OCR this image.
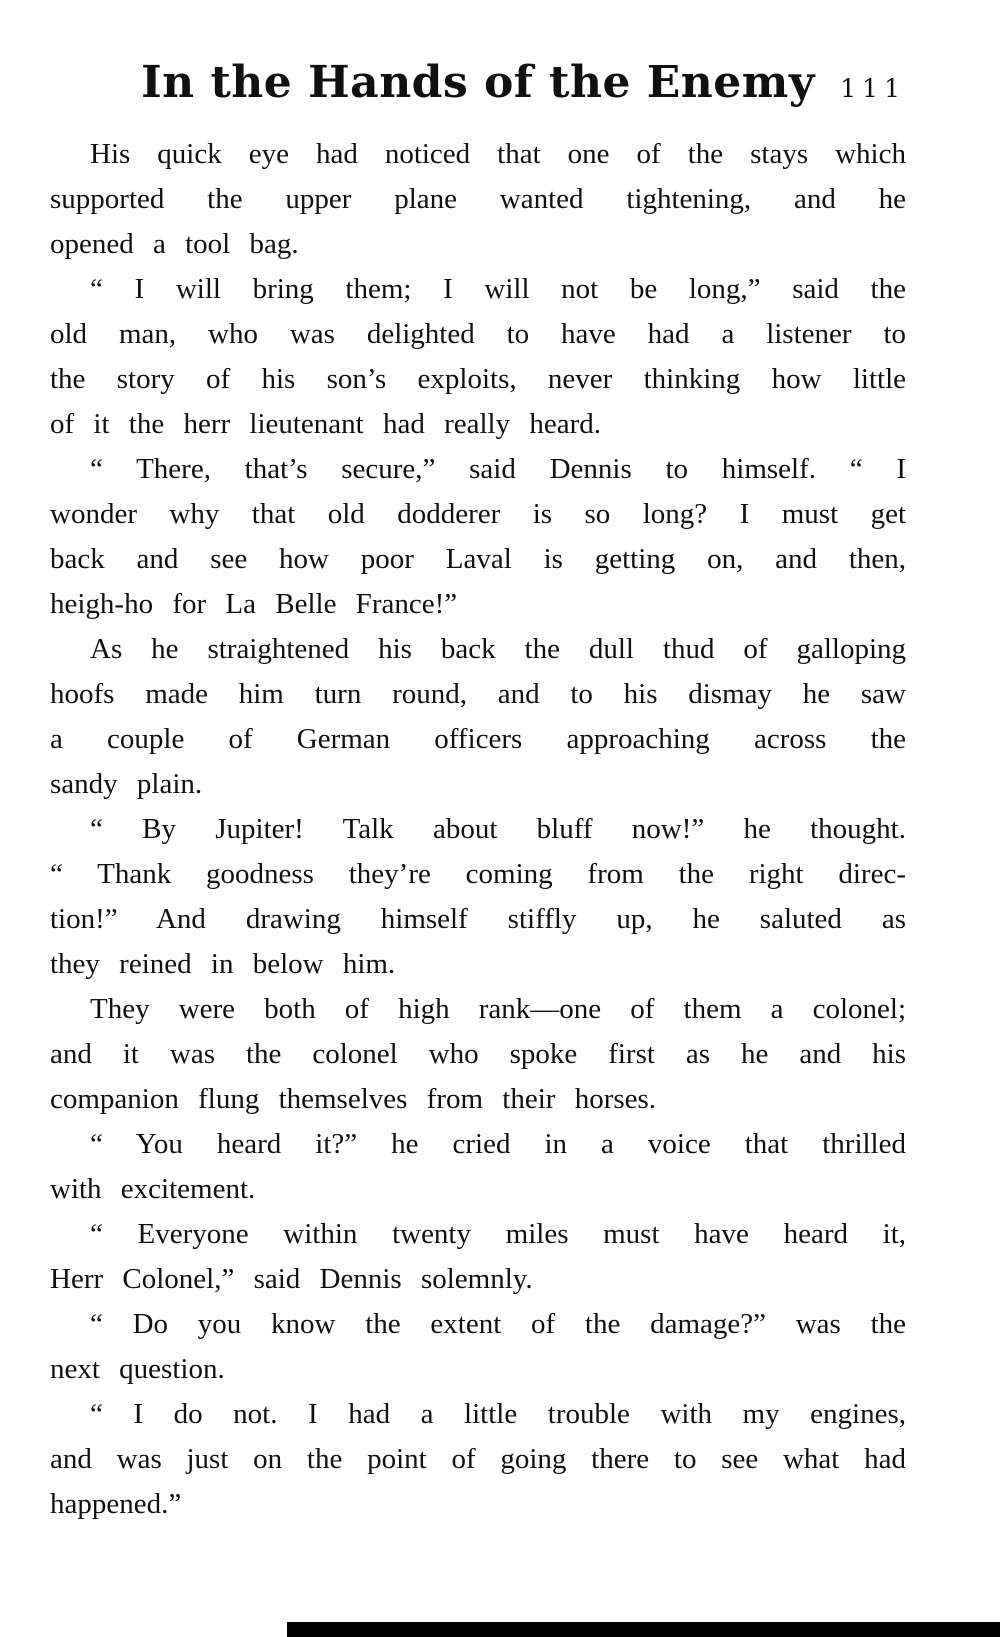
In the Hands of the Enemy	111

His quick eye had noticed that one of the stays which
supported the upper plane wanted tightening, and he
opened a tool bag.

“ I will bring them; I will not be long,” said the
old man, who was delighted to have had a listener to
the story of his son’s exploits, never thinking how little
of it the herr lieutenant had really heard.

“ There, that’s secure,” said Dennis to himself. “ I
wonder why that old dodderer is so long? I must get
back and see how poor Laval is getting on, and then,
heigh-ho for La Belle France!”

As he straightened his back the dull thud of galloping
hoofs made him turn round, and to his dismay he saw
a couple of German officers approaching across the
sandy plain.

“ By Jupiter! Talk about bluff now!” he thought.
“ Thank goodness they’re coming from the right direc-
tion!” And drawing himself stiffly up, he saluted as
they reined in below him.

They were both of high rank—one of them a colonel;
and it was the colonel who spoke first as he and his
companion flung themselves from their horses.

“ You heard it?” he cried in a voice that thrilled
with excitement.

“ Everyone within twenty miles must have heard it,
Herr Colonel,” said Dennis solemnly.

“ Do you know the extent of the damage?” was the
next question.

“ I do not. I had a little trouble with my engines,
and was just on the point of going there to see what had
happened.”
